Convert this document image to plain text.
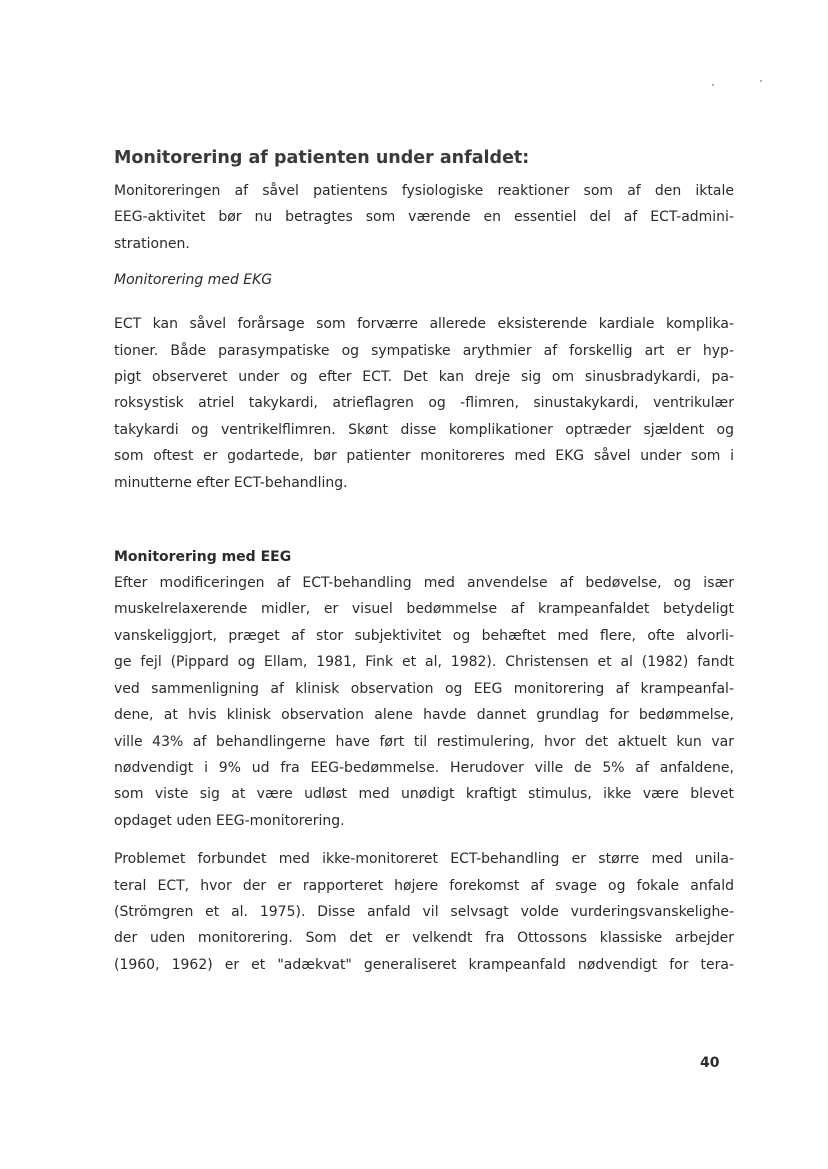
Monitorering af patienten under anfaldet:

Monitoreringen af såvel patientens fysiologiske reaktioner som af den iktale
EEG-aktivitet bør nu betragtes som værende en essentiel del af ECT-admini-
strationen.

Monitorering med EKG

ECT kan såvel forårsage som forværre allerede eksisterende kardiale komplika-
tioner. Både parasympatiske og sympatiske arythmier af forskellig art er hyp-
pigt observeret under og efter ECT. Det kan dreje sig om sinusbradykardi, pa-
roksystisk atriel takykardi, atrieflagren og -flimren, sinustakykardi, ventrikulær
takykardi og ventrikelflimren. Skønt disse komplikationer optræder sjældent og
som oftest er godartede, bør patienter monitoreres med EKG såvel under som i
minutterne efter ECT-behandling.

Monitorering med EEG

Efter modificeringen af ECT-behandling med anvendelse af bedøvelse, og især
muskelrelaxerende midler, er visuel bedømmelse af krampeanfaldet betydeligt
vanskeliggjort, præget af stor subjektivitet og behæftet med flere, ofte alvorli-
ge fejl (Pippard og Ellam, 1981, Fink et al, 1982). Christensen et al (1982) fandt
ved sammenligning af klinisk observation og EEG monitorering af krampeanfal-
dene, at hvis klinisk observation alene havde dannet grundlag for bedømmelse,
ville 43% af behandlingerne have ført til restimulering, hvor det aktuelt kun var
nødvendigt i 9% ud fra EEG-bedømmelse. Herudover ville de 5% af anfaldene,
som viste sig at være udløst med unødigt kraftigt stimulus, ikke være blevet
opdaget uden EEG-monitorering.

Problemet forbundet med ikke-monitoreret ECT-behandling er større med unila-
teral ECT, hvor der er rapporteret højere forekomst af svage og fokale anfald
(Strömgren et al. 1975). Disse anfald vil selvsagt volde vurderingsvanskelighe-
der uden monitorering. Som det er velkendt fra Ottossons klassiske arbejder
(1960, 1962) er et "adækvat" generaliseret krampeanfald nødvendigt for tera-

40
